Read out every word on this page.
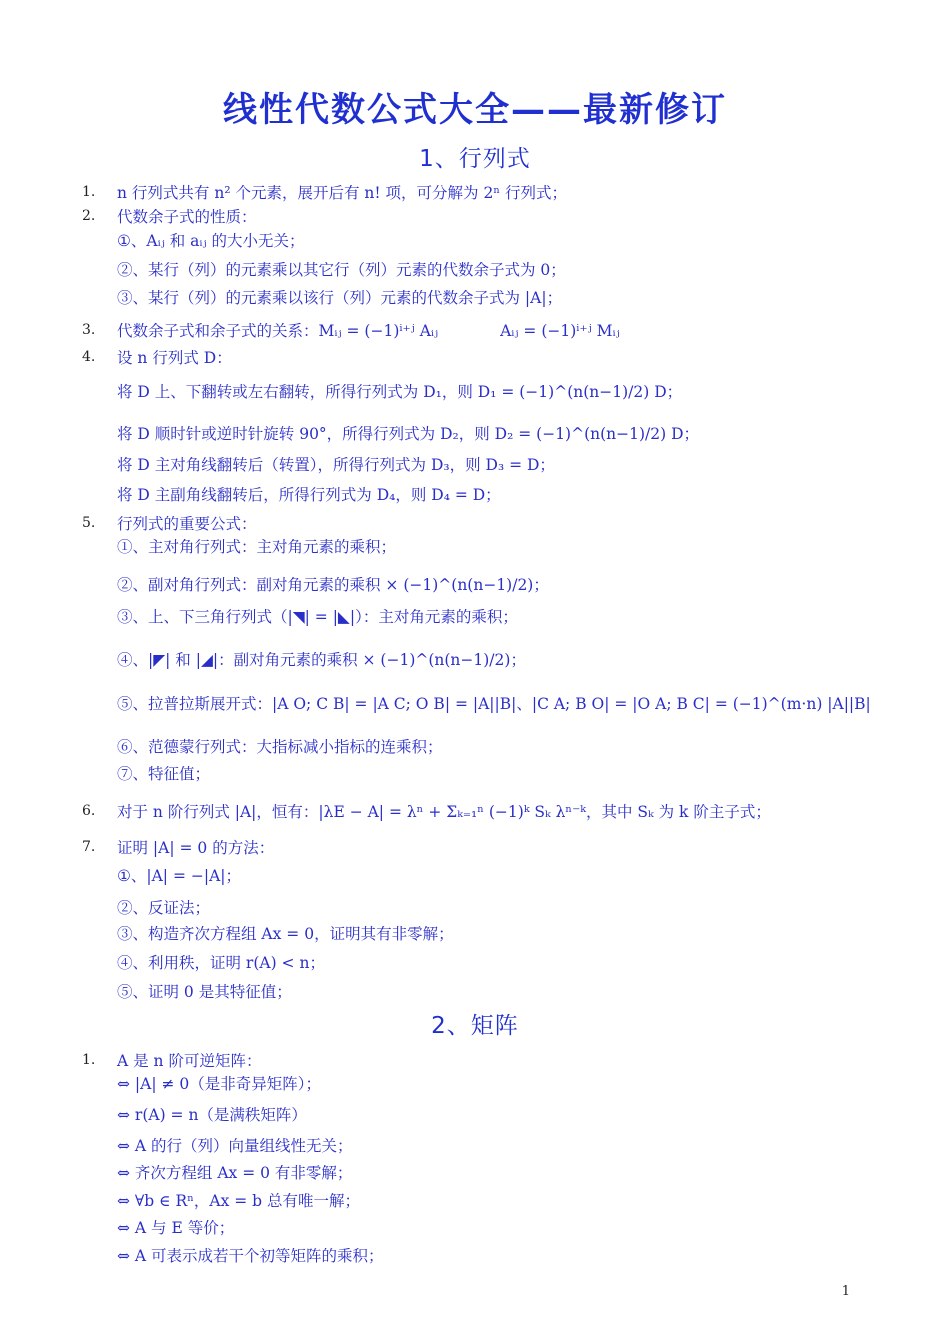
线性代数公式大全——最新修订
1、行列式
1. n 行列式共有 n² 个元素，展开后有 n! 项，可分解为 2ⁿ 行列式；
2. 代数余子式的性质：
①、Aᵢⱼ 和 aᵢⱼ 的大小无关；
②、某行（列）的元素乘以其它行（列）元素的代数余子式为 0；
③、某行（列）的元素乘以该行（列）元素的代数余子式为 |A|；
3. 代数余子式和余子式的关系：Mᵢⱼ = (−1)ⁱ⁺ʲ Aᵢⱼ　　　　Aᵢⱼ = (−1)ⁱ⁺ʲ Mᵢⱼ
4. 设 n 行列式 D：
将 D 上、下翻转或左右翻转，所得行列式为 D₁，则 D₁ = (−1)^(n(n−1)/2) D；
将 D 顺时针或逆时针旋转 90°，所得行列式为 D₂，则 D₂ = (−1)^(n(n−1)/2) D；
将 D 主对角线翻转后（转置），所得行列式为 D₃，则 D₃ = D；
将 D 主副角线翻转后，所得行列式为 D₄，则 D₄ = D；
5. 行列式的重要公式：
①、主对角行列式：主对角元素的乘积；
②、副对角行列式：副对角元素的乘积 × (−1)^(n(n−1)/2)；
③、上、下三角行列式（|◥| = |◣|）：主对角元素的乘积；
④、|◤| 和 |◢|：副对角元素的乘积 × (−1)^(n(n−1)/2)；
⑤、拉普拉斯展开式：|A O; C B| = |A C; O B| = |A||B|、|C A; B O| = |O A; B C| = (−1)^(m·n) |A||B|
⑥、范德蒙行列式：大指标减小指标的连乘积；
⑦、特征值；
6. 对于 n 阶行列式 |A|，恒有：|λE − A| = λⁿ + Σₖ₌₁ⁿ (−1)ᵏ Sₖ λⁿ⁻ᵏ，其中 Sₖ 为 k 阶主子式；
7. 证明 |A| = 0 的方法：
①、|A| = −|A|；
②、反证法；
③、构造齐次方程组 Ax = 0，证明其有非零解；
④、利用秩，证明 r(A) < n；
⑤、证明 0 是其特征值；
2、矩阵
1. A 是 n 阶可逆矩阵：
⇔ |A| ≠ 0（是非奇异矩阵）；
⇔ r(A) = n（是满秩矩阵）
⇔ A 的行（列）向量组线性无关；
⇔ 齐次方程组 Ax = 0 有非零解；
⇔ ∀b ∈ Rⁿ，Ax = b 总有唯一解；
⇔ A 与 E 等价；
⇔ A 可表示成若干个初等矩阵的乘积；
1
